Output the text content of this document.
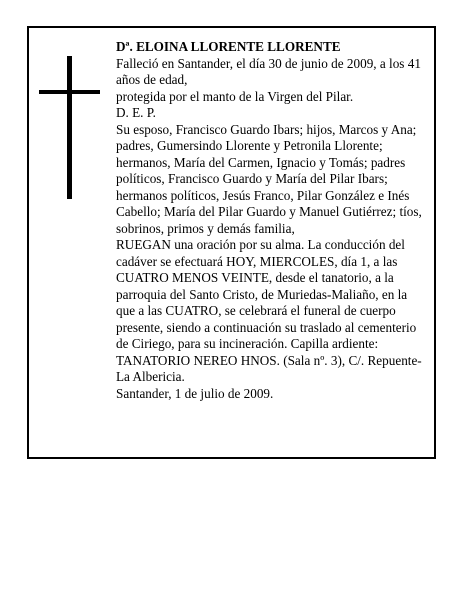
Dª. ELOINA LLORENTE LLORENTE

Falleció en Santander, el día 30 de junio de 2009, a los 41 años de edad,

protegida por el manto de la Virgen del Pilar.

D. E. P.

Su esposo, Francisco Guardo Ibars; hijos, Marcos y Ana; padres, Gumersindo Llorente y Petronila Llorente; hermanos, María del Carmen, Ignacio y Tomás; padres políticos, Francisco Guardo y María del Pilar Ibars; hermanos políticos, Jesús Franco, Pilar González e Inés Cabello; María del Pilar Guardo y Manuel Gutiérrez; tíos, sobrinos, primos y demás familia,

RUEGAN una oración por su alma. La conducción del cadáver se efectuará HOY, MIERCOLES, día 1, a las CUATRO MENOS VEINTE, desde el tanatorio, a la parroquia del Santo Cristo, de Muriedas-Maliaño, en la que a las CUATRO, se celebrará el funeral de cuerpo presente, siendo a continuación su traslado al cementerio de Ciriego, para su incineración. Capilla ardiente: TANATORIO NEREO HNOS. (Sala nº. 3), C/. Repuente-La Albericia.

Santander, 1 de julio de 2009.
